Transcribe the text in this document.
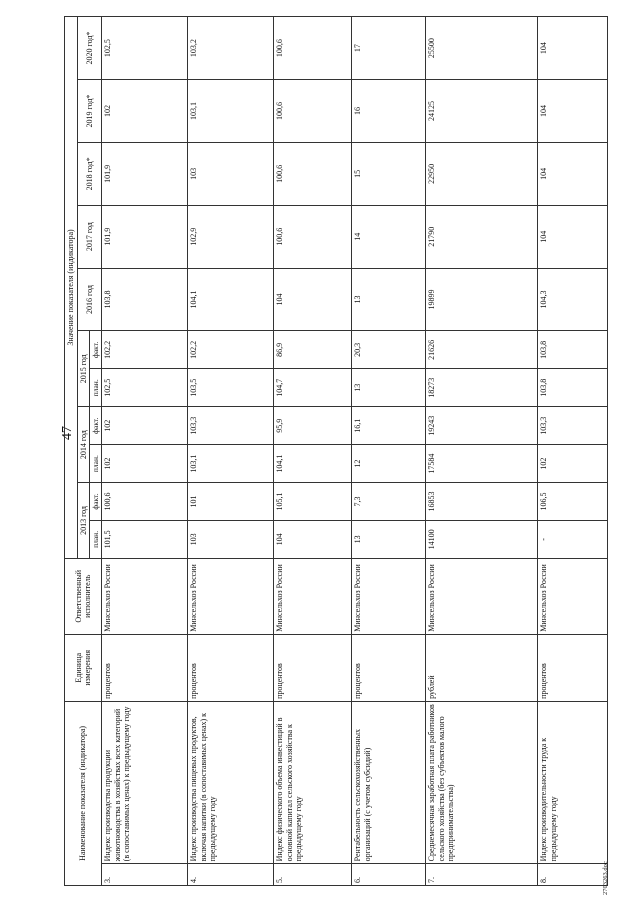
47
Наименование показателя (индикатора)		Единица измерения	Ответственный исполнитель	Значение показателя (индикатора)										
				2013 год		2014 год		2015 год		2016 год	2017 год	2018 год*	2019 год*	2020 год*
				план.	факт.	план.	факт.	план.	факт.					
3.	Индекс производства продукции животноводства в хозяйствах всех категорий (в сопоставимых ценах) к предыдущему году	процентов	Минсельхоз России	101,5	100,6	102	102	102,5	102,2	103,8	101,9	101,9	102	102,5
4.	Индекс производства пищевых продуктов, включая напитки (в сопоставимых ценах) к предыдущему году	процентов	Минсельхоз России	103	101	103,1	103,3	103,5	102,2	104,1	102,9	103	103,1	103,2
5.	Индекс физического объема инвестиций в основной капитал сельского хозяйства к предыдущему году	процентов	Минсельхоз России	104	105,1	104,1	95,9	104,7	86,9	104	100,6	100,6	100,6	100,6
6.	Рентабельность сельскохозяйственных организаций (с учетом субсидий)	процентов	Минсельхоз России	13	7,3	12	16,1	13	20,3	13	14	15	16	17
7.	Среднемесячная заработная плата работников сельского хозяйства (без субъектов малого предпринимательства)	рублей	Минсельхоз России	14100	16853	17584	19243	18273	21626	19899	21790	22950	24125	25500
8.	Индекс производительности труда к предыдущему году	процентов	Минсельхоз России	-	106,5	102	103,3	103,8	103,8	104,3	104	104	104	104
2703263.doc
